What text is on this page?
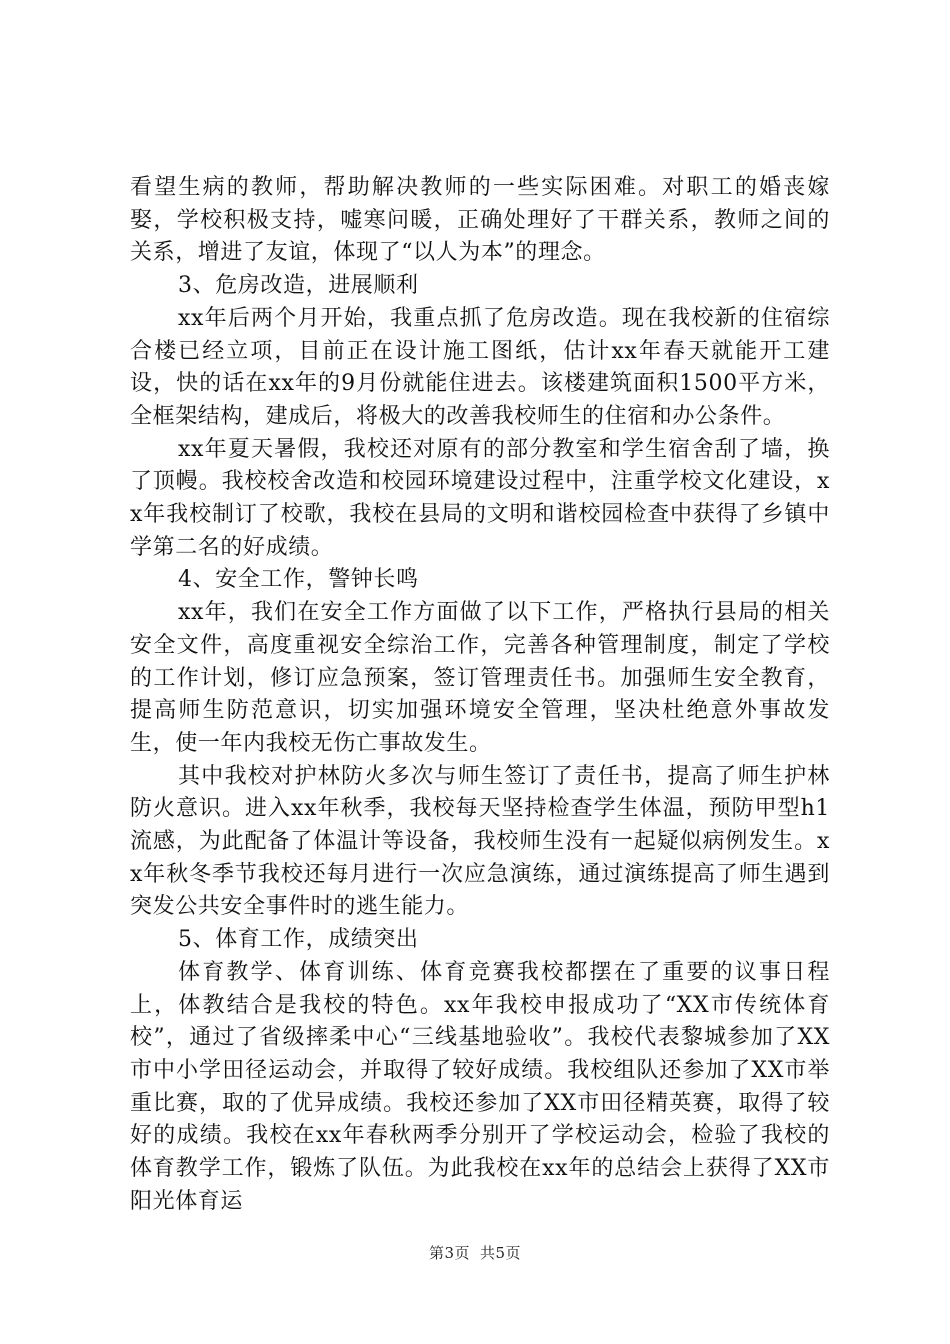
看望生病的教师，帮助解决教师的一些实际困难。对职工的婚丧嫁娶，学校积极支持，嘘寒问暖，正确处理好了干群关系，教师之间的关系，增进了友谊，体现了“以人为本”的理念。

3、危房改造，进展顺利

xx年后两个月开始，我重点抓了危房改造。现在我校新的住宿综合楼已经立项，目前正在设计施工图纸，估计xx年春天就能开工建设，快的话在xx年的9月份就能住进去。该楼建筑面积1500平方米，全框架结构，建成后，将极大的改善我校师生的住宿和办公条件。

xx年夏天暑假，我校还对原有的部分教室和学生宿舍刮了墙，换了顶幔。我校校舍改造和校园环境建设过程中，注重学校文化建设，xx年我校制订了校歌，我校在县局的文明和谐校园检查中获得了乡镇中学第二名的好成绩。

4、安全工作，警钟长鸣

xx年，我们在安全工作方面做了以下工作，严格执行县局的相关安全文件，高度重视安全综治工作，完善各种管理制度，制定了学校的工作计划，修订应急预案，签订管理责任书。加强师生安全教育，提高师生防范意识，切实加强环境安全管理，坚决杜绝意外事故发生，使一年内我校无伤亡事故发生。

其中我校对护林防火多次与师生签订了责任书，提高了师生护林防火意识。进入xx年秋季，我校每天坚持检查学生体温，预防甲型h1流感，为此配备了体温计等设备，我校师生没有一起疑似病例发生。xx年秋冬季节我校还每月进行一次应急演练，通过演练提高了师生遇到突发公共安全事件时的逃生能力。

5、体育工作，成绩突出

体育教学、体育训练、体育竞赛我校都摆在了重要的议事日程上，体教结合是我校的特色。xx年我校申报成功了“XX市传统体育校”，通过了省级摔柔中心“三线基地验收”。我校代表黎城参加了XX市中小学田径运动会，并取得了较好成绩。我校组队还参加了XX市举重比赛，取的了优异成绩。我校还参加了XX市田径精英赛，取得了较好的成绩。我校在xx年春秋两季分别开了学校运动会，检验了我校的体育教学工作，锻炼了队伍。为此我校在xx年的总结会上获得了XX市阳光体育运

第3页 共5页
